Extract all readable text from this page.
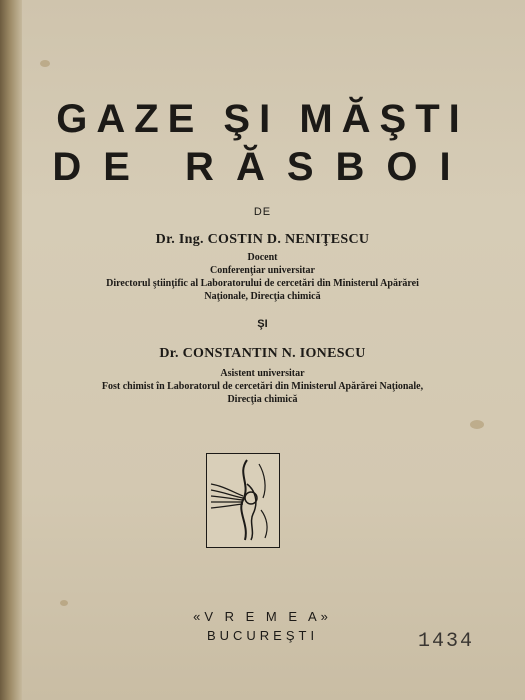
GAZE ŞI MĂŞTI
DE RĂSBOI
DE
Dr. Ing. COSTIN D. NENIŢESCU
Docent
Conferenţiar universitar
Directorul ştiinţific al Laboratorului de cercetări din Ministerul Apărărei
Naţionale, Direcţia chimică
ŞI
Dr. CONSTANTIN N. IONESCU
Asistent universitar
Fost chimist în Laboratorul de cercetări din Ministerul Apărărei Naţionale,
Direcţia chimică
«V R E M E A»
BUCUREŞTI	1434
